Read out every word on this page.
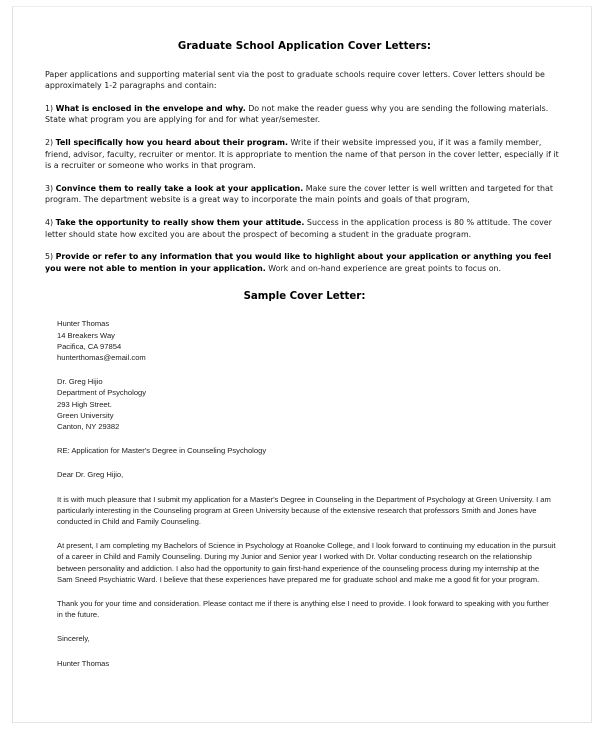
Graduate School Application Cover Letters:

Paper applications and supporting material sent via the post to graduate schools require cover letters. Cover letters should be approximately 1-2 paragraphs and contain:

1) What is enclosed in the envelope and why. Do not make the reader guess why you are sending the following materials. State what program you are applying for and for what year/semester.

2) Tell specifically how you heard about their program. Write if their website impressed you, if it was a family member, friend, advisor, faculty, recruiter or mentor. It is appropriate to mention the name of that person in the cover letter, especially if it is a recruiter or someone who works in that program.

3) Convince them to really take a look at your application. Make sure the cover letter is well written and targeted for that program. The department website is a great way to incorporate the main points and goals of that program,

4) Take the opportunity to really show them your attitude. Success in the application process is 80 % attitude. The cover letter should state how excited you are about the prospect of becoming a student in the graduate program.

5) Provide or refer to any information that you would like to highlight about your application or anything you feel you were not able to mention in your application. Work and on-hand experience are great points to focus on.

Sample Cover Letter:
Hunter Thomas
14 Breakers Way
Pacifica, CA 97854
hunterthomas@email.com
Dr. Greg Hijio
Department of Psychology
293 High Street.
Green University
Canton, NY 29382

RE: Application for Master's Degree in Counseling Psychology

Dear Dr. Greg Hijio,

It is with much pleasure that I submit my application for a Master's Degree in Counseling in the Department of Psychology at Green University. I am particularly interesting in the Counseling program at Green University because of the extensive research that professors Smith and Jones have conducted in Child and Family Counseling.

At present, I am completing my Bachelors of Science in Psychology at Roanoke College, and I look forward to continuing my education in the pursuit of a career in Child and Family Counseling. During my Junior and Senior year I worked with Dr. Voltar conducting research on the relationship between personality and addiction. I also had the opportunity to gain first-hand experience of the counseling process during my internship at the Sam Sneed Psychiatric Ward. I believe that these experiences have prepared me for graduate school and make me a good fit for your program.

Thank you for your time and consideration. Please contact me if there is anything else I need to provide. I look forward to speaking with you further in the future.

Sincerely,

Hunter Thomas
